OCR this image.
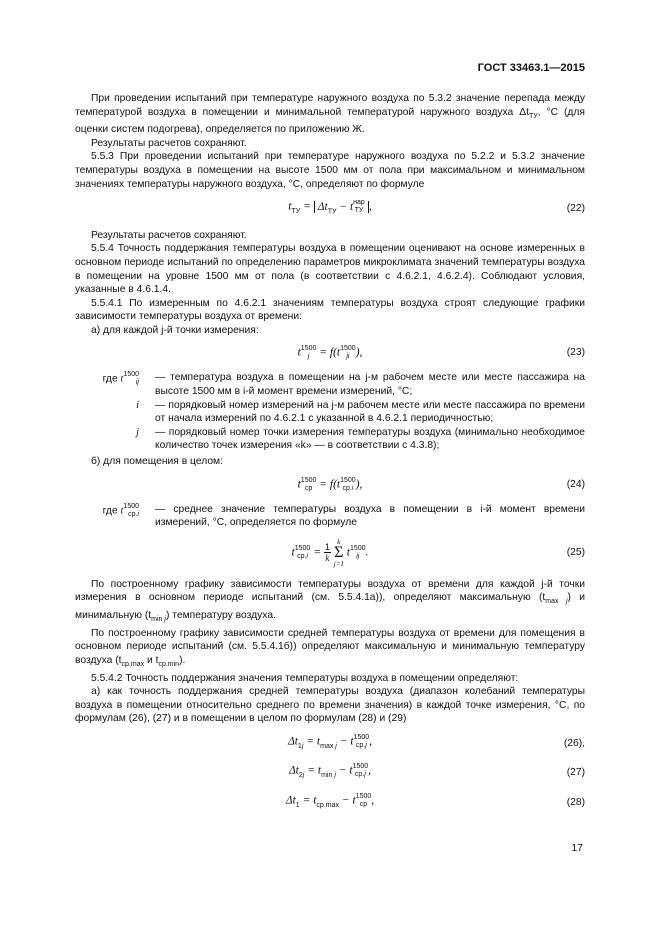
ГОСТ 33463.1—2015

При проведении испытаний при температуре наружного воздуха по 5.3.2 значение перепада между температурой воздуха в помещении и минимальной температурой наружного воздуха $\Delta t_{ТУ}$, °С (для оценки систем подогрева), определяется по приложению Ж.

Результаты расчетов сохраняют.

5.5.3 При проведении испытаний при температуре наружного воздуха по 5.2.2 и 5.3.2 значение температуры воздуха в помещении на высоте 1500 мм от пола при максимальном и минимальном значениях температуры наружного воздуха, °С, определяют по формуле

$t_{ТУ} = \Delta t_{ТУ} - t$ нар
ТУ ,	(22)

Результаты расчетов сохраняют.

5.5.4 Точность поддержания температуры воздуха в помещении оценивают на основе измеренных в основном периоде испытаний по определению параметров микроклимата значений температуры воздуха в помещении на уровне 1500 мм от пола (в соответствии с 4.6.2.1, 4.6.2.4). Соблюдают условия, указанные в 4.6.1.4.

5.5.4.1 По измеренным по 4.6.2.1 значениям температуры воздуха строят следующие графики зависимости температуры воздуха от времени:

а) для каждой j-й точки измерения:

t 1500
j = f(t 1500
ji ),	(23)
где t 1500
ij — температура воздуха в помещении на j-м рабочем месте или месте пассажира на высоте 1500 мм в i-й момент времени измерений, °С;
i — порядковый номер измерений на j-м рабочем месте или месте пассажира по времени от начала измерений по 4.6.2.1 с указанной в 4.6.2.1 периодичностью;
j — порядковый номер точки измерения температуры воздуха (минимально необходимое количество точек измерения «k» — в соответствии с 4.3.8);

б) для помещения в целом:

t 1500
ср = f(t 1500
ср.i ),	(24)
где t 1500
ср.i — среднее значение температуры воздуха в помещении в i-й момент времени измерений, °С, определяется по формуле
t 1500
$ср.i = \frac{1}{k}$

k
Σ
j=1
t 1500
ij .	(25)

По построенному графику зависимости температуры воздуха от времени для каждой j-й точки измерения в основном периоде испытаний (см. 5.5.4.1а)), определяют максимальную $(t_{max j})$ и минимальную $(t_{min j})$ температуру воздуха.

По построенному графику зависимости средней температуры воздуха от времени для помещения в основном периоде испытаний (см. 5.5.4.1б)) определяют максимальную и минимальную температуру воздуха ($t_{ср.max}$ и $t_{ср.min}$).

5.5.4.2 Точность поддержания значения температуры воздуха в помещении определяют:

а) как точность поддержания средней температуры воздуха (диапазон колебаний температуры воздуха в помещении относительно среднего по времени значения) в каждой точке измерения, °С, по формулам (26), (27) и в помещении в целом по формулам (28) и (29)

$\Delta t_{1j} = t_{max j} - t$ 1500
ср.j ,	(26),
$\Delta t_{2j} = t_{min j} - t$ 1500
ср.j ,	(27)
$\Delta t_1 = t_{ср.max} - t$ 1500
ср ,	(28)
17
